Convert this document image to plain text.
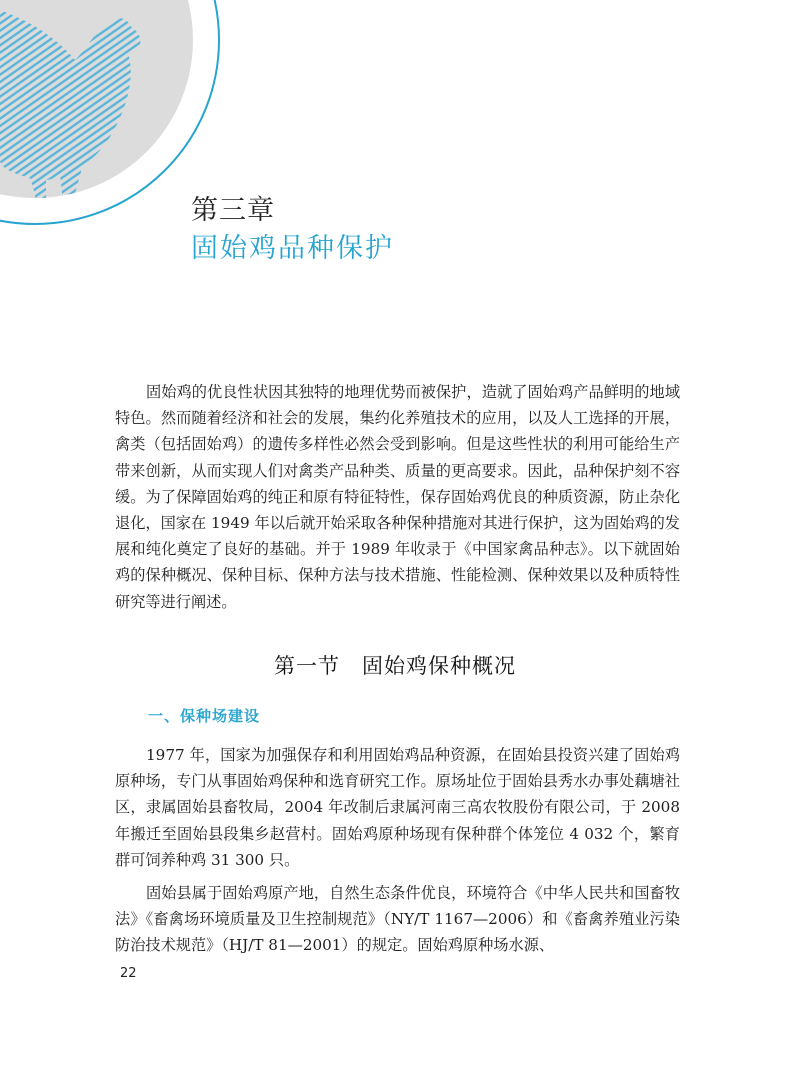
第三章
固始鸡品种保护

固始鸡的优良性状因其独特的地理优势而被保护，造就了固始鸡产品鲜明的地域特色。然而随着经济和社会的发展，集约化养殖技术的应用，以及人工选择的开展，禽类（包括固始鸡）的遗传多样性必然会受到影响。但是这些性状的利用可能给生产带来创新，从而实现人们对禽类产品种类、质量的更高要求。因此，品种保护刻不容缓。为了保障固始鸡的纯正和原有特征特性，保存固始鸡优良的种质资源，防止杂化退化，国家在 1949 年以后就开始采取各种保种措施对其进行保护，这为固始鸡的发展和纯化奠定了良好的基础。并于 1989 年收录于《中国家禽品种志》。以下就固始鸡的保种概况、保种目标、保种方法与技术措施、性能检测、保种效果以及种质特性研究等进行阐述。

第一节　固始鸡保种概况
一、保种场建设

1977 年，国家为加强保存和利用固始鸡品种资源，在固始县投资兴建了固始鸡原种场，专门从事固始鸡保种和选育研究工作。原场址位于固始县秀水办事处藕塘社区，隶属固始县畜牧局，2004 年改制后隶属河南三高农牧股份有限公司，于 2008 年搬迁至固始县段集乡赵营村。固始鸡原种场现有保种群个体笼位 4 032 个，繁育群可饲养种鸡 31 300 只。

固始县属于固始鸡原产地，自然生态条件优良，环境符合《中华人民共和国畜牧法》《畜禽场环境质量及卫生控制规范》（NY/T 1167—2006）和《畜禽养殖业污染防治技术规范》（HJ/T 81—2001）的规定。固始鸡原种场水源、

22
